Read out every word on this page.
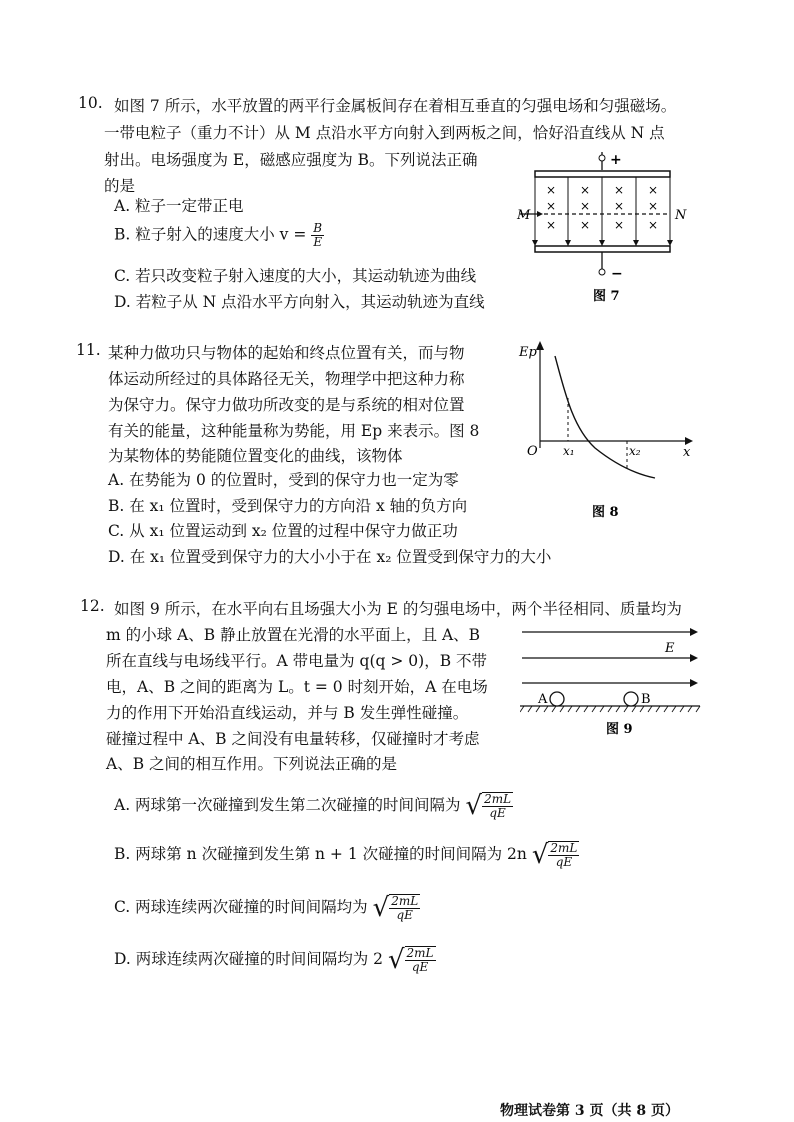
10. 如图 7 所示，水平放置的两平行金属板间存在着相互垂直的匀强电场和匀强磁场。
一带电粒子（重力不计）从 M 点沿水平方向射入到两板之间，恰好沿直线从 N 点
射出。电场强度为 E，磁感应强度为 B。下列说法正确
的是
A. 粒子一定带正电
B. 粒子射入的速度大小 $v = \frac{B}{E}$
C. 若只改变粒子射入速度的大小，其运动轨迹为曲线
D. 若粒子从 N 点沿水平方向射入，其运动轨迹为直线
+
M	N
× × × ×
× × × ×
× × × ×
−
图 7
11. 某种力做功只与物体的起始和终点位置有关，而与物
体运动所经过的具体路径无关，物理学中把这种力称
为保守力。保守力做功所改变的是与系统的相对位置
有关的能量，这种能量称为势能，用 Ep 来表示。图 8
为某物体的势能随位置变化的曲线，该物体
A. 在势能为 0 的位置时，受到的保守力也一定为零
B. 在 x₁ 位置时，受到保守力的方向沿 x 轴的负方向
C. 从 x₁ 位置运动到 x₂ 位置的过程中保守力做正功
D. 在 x₁ 位置受到保守力的大小小于在 x₂ 位置受到保守力的大小
Ep
x
O x₁	x₂
图 8
12. 如图 9 所示，在水平向右且场强大小为 E 的匀强电场中，两个半径相同、质量均为
m 的小球 A、B 静止放置在光滑的水平面上，且 A、B
所在直线与电场线平行。A 带电量为 q(q > 0)，B 不带
电，A、B 之间的距离为 L。t = 0 时刻开始，A 在电场
力的作用下开始沿直线运动，并与 B 发生弹性碰撞。
碰撞过程中 A、B 之间没有电量转移，仅碰撞时才考虑
A、B 之间的相互作用。下列说法正确的是
A. 两球第一次碰撞到发生第二次碰撞的时间间隔为 √ $\frac{2mL}{qE}$
B. 两球第 n 次碰撞到发生第 n + 1 次碰撞的时间间隔为 2n √ $\frac{2mL}{qE}$
C. 两球连续两次碰撞的时间间隔均为 √ $\frac{2mL}{qE}$
D. 两球连续两次碰撞的时间间隔均为 2 √ $\frac{2mL}{qE}$
E
A	B
图 9
物理试卷第 3 页（共 8 页）
